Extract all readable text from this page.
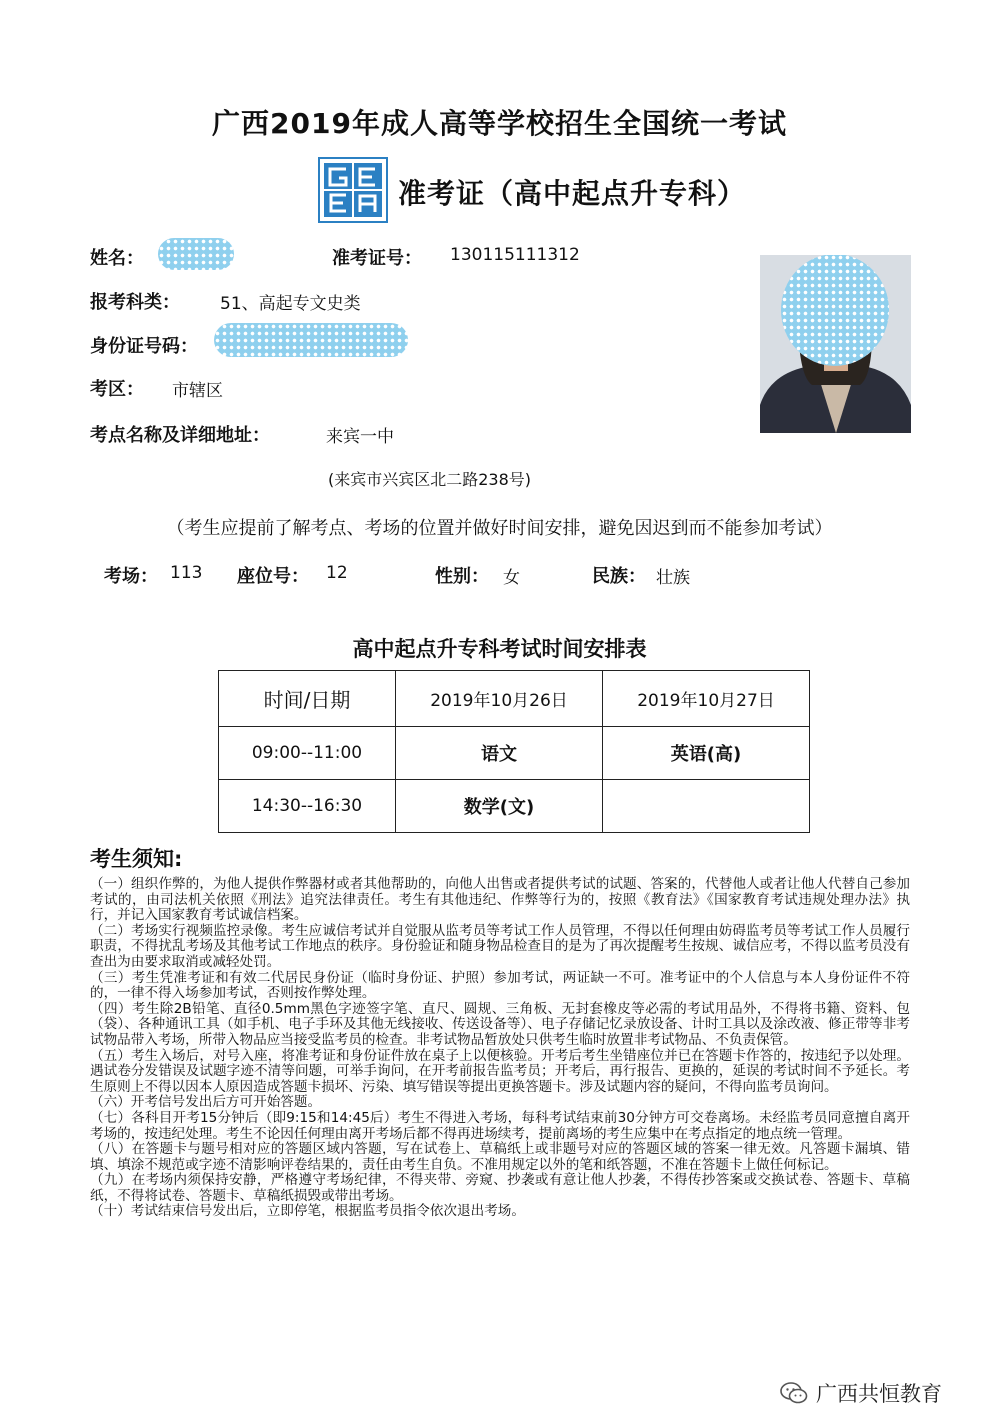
广西2019年成人高等学校招生全国统一考试
准考证（高中起点升专科）
姓名：	准考证号： 130115111312
报考科类： 51、高起专文史类
身份证号码：
考区： 市辖区
考点名称及详细地址：	来宾一中
(来宾市兴宾区北二路238号)
（考生应提前了解考点、考场的位置并做好时间安排，避免因迟到而不能参加考试）
考场： 113 座位号： 12	性别： 女	民族： 壮族
高中起点升专科考试时间安排表
时间/日期	2019年10月26日	2019年10月27日
09:00--11:00	语文	英语(高)
14:30--16:30	数学(文)	
考生须知:

（一）组织作弊的，为他人提供作弊器材或者其他帮助的，向他人出售或者提供考试的试题、答案的，代替他人或者让他人代替自己参加考试的，由司法机关依照《刑法》追究法律责任。考生有其他违纪、作弊等行为的，按照《教育法》《国家教育考试违规处理办法》执行，并记入国家教育考试诚信档案。

（二）考场实行视频监控录像。考生应诚信考试并自觉服从监考员等考试工作人员管理，不得以任何理由妨碍监考员等考试工作人员履行职责，不得扰乱考场及其他考试工作地点的秩序。身份验证和随身物品检查目的是为了再次提醒考生按规、诚信应考，不得以监考员没有查出为由要求取消或减轻处罚。

（三）考生凭准考证和有效二代居民身份证（临时身份证、护照）参加考试，两证缺一不可。准考证中的个人信息与本人身份证件不符的，一律不得入场参加考试，否则按作弊处理。

（四）考生除2B铅笔、直径0.5mm黑色字迹签字笔、直尺、圆规、三角板、无封套橡皮等必需的考试用品外，不得将书籍、资料、包（袋）、各种通讯工具（如手机、电子手环及其他无线接收、传送设备等）、电子存储记忆录放设备、计时工具以及涂改液、修正带等非考试物品带入考场，所带入物品应当接受监考员的检查。非考试物品暂放处只供考生临时放置非考试物品、不负责保管。

（五）考生入场后，对号入座，将准考证和身份证件放在桌子上以便核验。开考后考生坐错座位并已在答题卡作答的，按违纪予以处理。遇试卷分发错误及试题字迹不清等问题，可举手询问，在开考前报告监考员；开考后，再行报告、更换的，延误的考试时间不予延长。考生原则上不得以因本人原因造成答题卡损坏、污染、填写错误等提出更换答题卡。涉及试题内容的疑问，不得向监考员询问。

（六）开考信号发出后方可开始答题。

（七）各科目开考15分钟后（即9:15和14:45后）考生不得进入考场，每科考试结束前30分钟方可交卷离场。未经监考员同意擅自离开考场的，按违纪处理。考生不论因任何理由离开考场后都不得再进场续考，提前离场的考生应集中在考点指定的地点统一管理。

（八）在答题卡与题号相对应的答题区域内答题，写在试卷上、草稿纸上或非题号对应的答题区域的答案一律无效。凡答题卡漏填、错填、填涂不规范或字迹不清影响评卷结果的，责任由考生自负。不准用规定以外的笔和纸答题，不准在答题卡上做任何标记。

（九）在考场内须保持安静，严格遵守考场纪律，不得夹带、旁窥、抄袭或有意让他人抄袭，不得传抄答案或交换试卷、答题卡、草稿纸，不得将试卷、答题卡、草稿纸损毁或带出考场。

（十）考试结束信号发出后，立即停笔，根据监考员指令依次退出考场。

广西共恒教育
